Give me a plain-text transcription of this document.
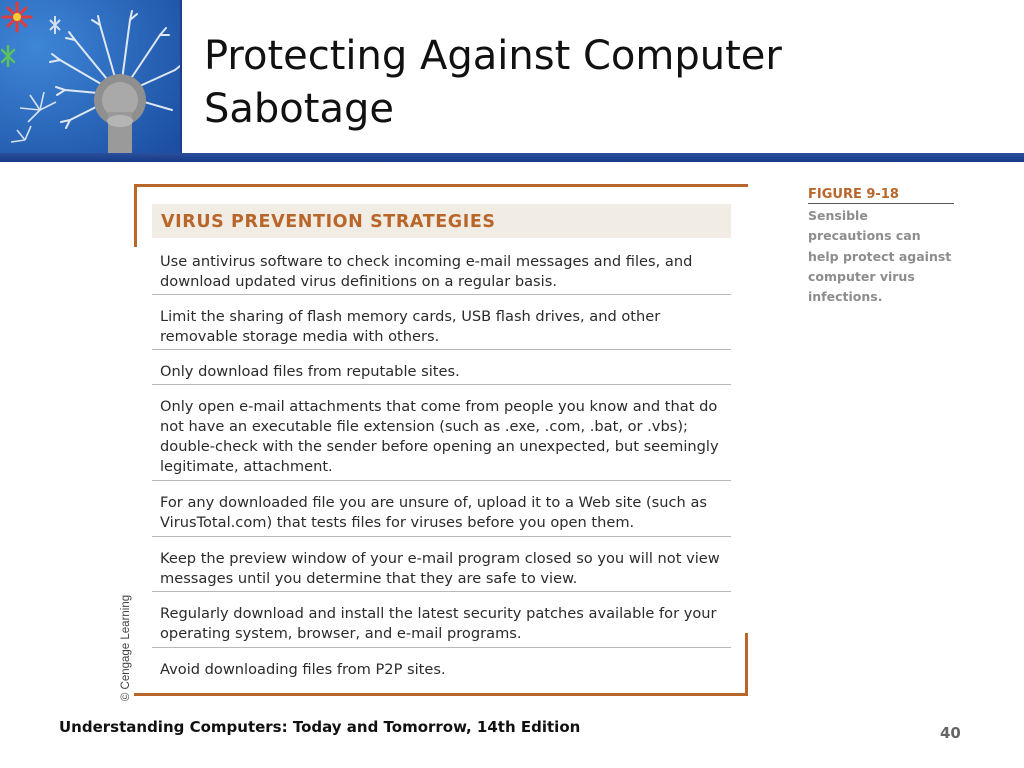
Protecting Against Computer Sabotage
VIRUS PREVENTION STRATEGIES
Use antivirus software to check incoming e-mail messages and files, and download updated virus definitions on a regular basis.
Limit the sharing of flash memory cards, USB flash drives, and other removable storage media with others.
Only download files from reputable sites.
Only open e-mail attachments that come from people you know and that do not have an executable file extension (such as .exe, .com, .bat, or .vbs); double-check with the sender before opening an unexpected, but seemingly legitimate, attachment.
For any downloaded file you are unsure of, upload it to a Web site (such as VirusTotal.com) that tests files for viruses before you open them.
Keep the preview window of your e-mail program closed so you will not view messages until you determine that they are safe to view.
Regularly download and install the latest security patches available for your operating system, browser, and e-mail programs.
Avoid downloading files from P2P sites.
© Cengage Learning
FIGURE 9-18
Sensible precautions can help protect against computer virus infections.
Understanding Computers: Today and Tomorrow, 14th Edition	40
